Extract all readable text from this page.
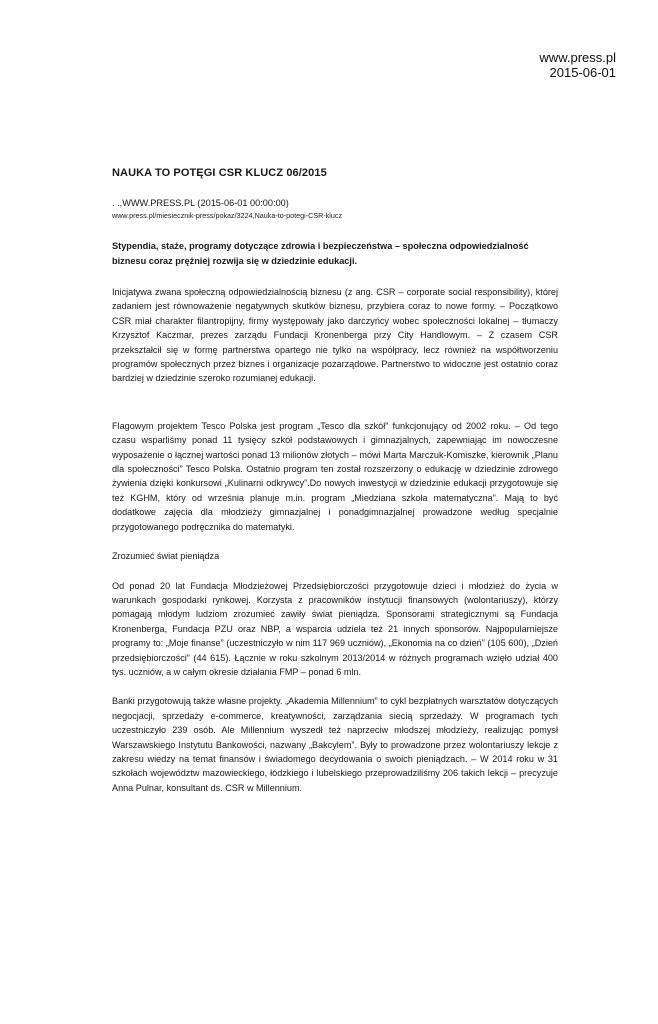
www.press.pl
2015-06-01
NAUKA TO POTĘGI CSR KLUCZ 06/2015
. .,WWW.PRESS.PL (2015-06-01 00:00:00)
www.press.pl/miesiecznik-press/pokaz/3224,Nauka-to-potegi-CSR-klucz
Stypendia, staże, programy dotyczące zdrowia i bezpieczeństwa – społeczna odpowiedzialność biznesu coraz prężniej rozwija się w dziedzinie edukacji.
Inicjatywa zwana społeczną odpowiedzialnością biznesu (z ang. CSR – corporate social responsibility), której zadaniem jest równoważenie negatywnych skutków biznesu, przybiera coraz to nowe formy. – Początkowo CSR miał charakter filantropijny, firmy występowały jako darczyńcy wobec społeczności lokalnej – tłumaczy Krzysztof Kaczmar, prezes zarządu Fundacji Kronenberga przy City Handlowym. – Z czasem CSR przekształcił się w formę partnerstwa opartego nie tylko na współpracy, lecz również na współtworzeniu programów społecznych przez biznes i organizacje pozarządowe. Partnerstwo to widoczne jest ostatnio coraz bardziej w dziedzinie szeroko rozumianej edukacji.
Flagowym projektem Tesco Polska jest program „Tesco dla szkół” funkcjonujący od 2002 roku. – Od tego czasu wsparliśmy ponad 11 tysięcy szkół podstawowych i gimnazjalnych, zapewniając im nowoczesne wyposażenie o łącznej wartości ponad 13 milionów złotych – mówi Marta Marczuk-Komiszke, kierownik „Planu dla społeczności” Tesco Polska. Ostatnio program ten został rozszerzony o edukację w dziedzinie zdrowego żywienia dzięki konkursowi „Kulinarni odkrywcy”.Do nowych inwestycji w dziedzinie edukacji przygotowuje się też KGHM, który od września planuje m.in. program „Miedziana szkoła matematyczna”. Mają to być dodatkowe zajęcia dla młodzieży gimnazjalnej i ponadgimnazjalnej prowadzone według specjalnie przygotowanego podręcznika do matematyki.
Zrozumieć świat pieniądza
Od ponad 20 lat Fundacja Młodzieżowej Przedsiębiorczości przygotowuje dzieci i młodzież do życia w warunkach gospodarki rynkowej. Korzysta z pracowników instytucji finansowych (wolontariuszy), którzy pomagają młodym ludziom zrozumieć zawiły świat pieniądza. Sponsorami strategicznymi są Fundacja Kronenberga, Fundacja PZU oraz NBP, a wsparcia udziela też 21 innych sponsorów. Najpopularniejsze programy to: „Moje finanse” (uczestniczyło w nim 117 969 uczniów), „Ekonomia na co dzień” (105 600), „Dzień przedsiębiorczości” (44 615). Łącznie w roku szkolnym 2013/2014 w różnych programach wzięło udział 400 tys. uczniów, a w całym okresie działania FMP – ponad 6 mln.
Banki przygotowują także własne projekty. „Akademia Millennium” to cykl bezpłatnych warsztatów dotyczących negocjacji, sprzedaży e-commerce, kreatywności, zarządzania siecią sprzedaży. W programach tych uczestniczyło 239 osób. Ale Millennium wyszedł też naprzeciw młodszej młodzieży, realizując pomysł Warszawskiego Instytutu Bankowości, nazwany „Bakcylem”. Były to prowadzone przez wolontariuszy lekcje z zakresu wiedzy na temat finansów i świadomego decydowania o swoich pieniądzach. – W 2014 roku w 31 szkołach województw mazowieckiego, łódzkiego i lubelskiego przeprowadziliśmy 206 takich lekcji – precyzuje Anna Pulnar, konsultant ds. CSR w Millennium.
